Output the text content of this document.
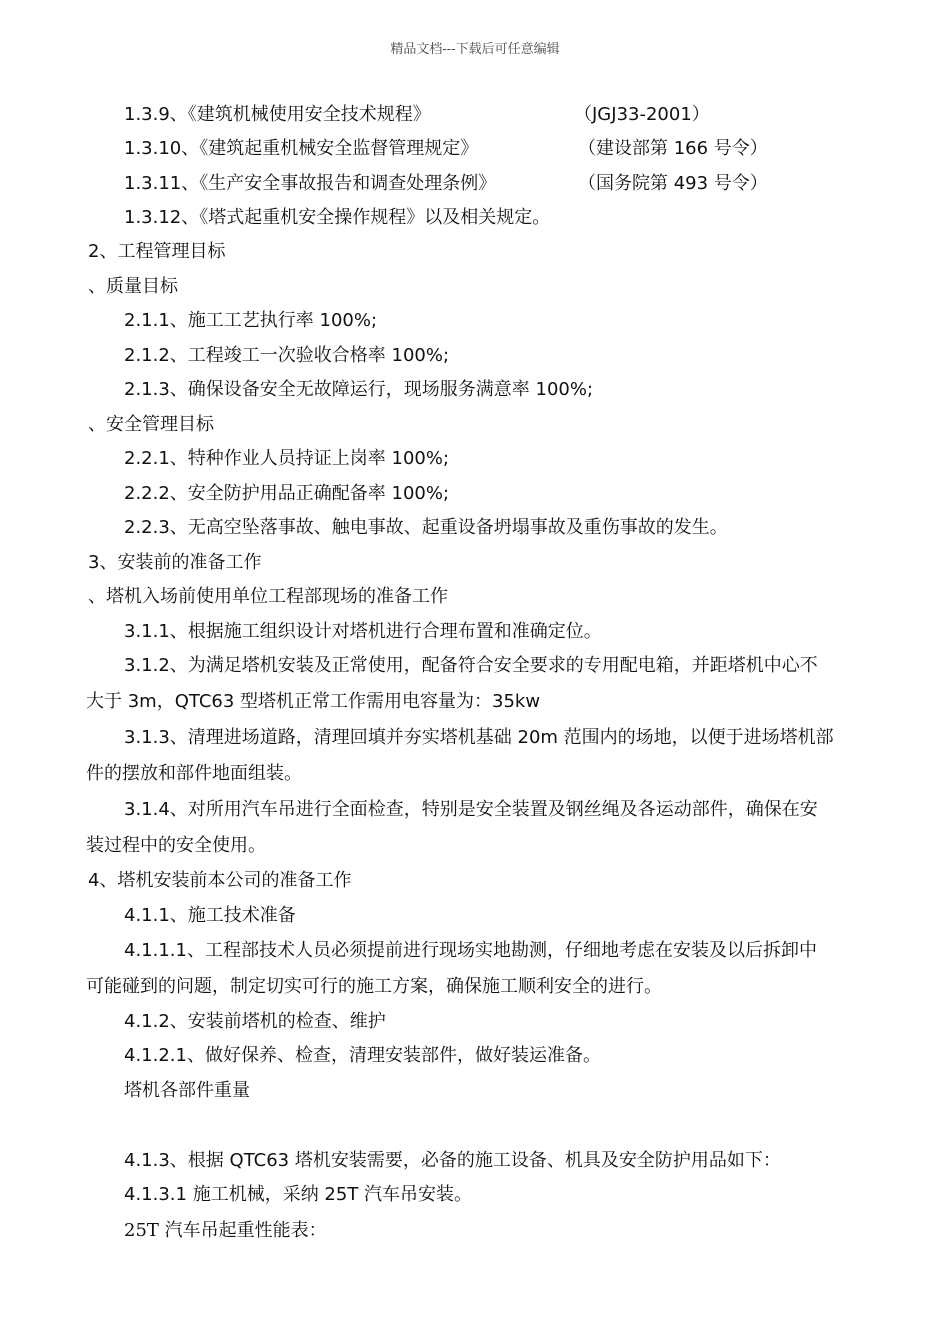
精品文档---下载后可任意编辑
1.3.9、《建筑机械使用安全技术规程》	（JGJ33-2001）
1.3.10、《建筑起重机械安全监督管理规定》	（建设部第 166 号令）
1.3.11、《生产安全事故报告和调查处理条例》	（国务院第 493 号令）
1.3.12、《塔式起重机安全操作规程》以及相关规定。
2、工程管理目标
、质量目标
2.1.1、施工工艺执行率 100%;
2.1.2、工程竣工一次验收合格率 100%;
2.1.3、确保设备安全无故障运行，现场服务满意率 100%;
、安全管理目标
2.2.1、特种作业人员持证上岗率 100%;
2.2.2、安全防护用品正确配备率 100%;
2.2.3、无高空坠落事故、触电事故、起重设备坍塌事故及重伤事故的发生。
3、安装前的准备工作
、塔机入场前使用单位工程部现场的准备工作
3.1.1、根据施工组织设计对塔机进行合理布置和准确定位。
3.1.2、为满足塔机安装及正常使用，配备符合安全要求的专用配电箱，并距塔机中心不
大于 3m，QTC63 型塔机正常工作需用电容量为：35kw
3.1.3、清理进场道路，清理回填并夯实塔机基础 20m 范围内的场地，以便于进场塔机部
件的摆放和部件地面组装。
3.1.4、对所用汽车吊进行全面检查，特别是安全装置及钢丝绳及各运动部件，确保在安
装过程中的安全使用。
4、塔机安装前本公司的准备工作
4.1.1、施工技术准备
4.1.1.1、工程部技术人员必须提前进行现场实地勘测，仔细地考虑在安装及以后拆卸中
可能碰到的问题，制定切实可行的施工方案，确保施工顺利安全的进行。
4.1.2、安装前塔机的检查、维护
4.1.2.1、做好保养、检查，清理安装部件，做好装运准备。
塔机各部件重量
4.1.3、根据 QTC63 塔机安装需要，必备的施工设备、机具及安全防护用品如下：
4.1.3.1 施工机械，采纳 25T 汽车吊安装。
25T 汽车吊起重性能表：
